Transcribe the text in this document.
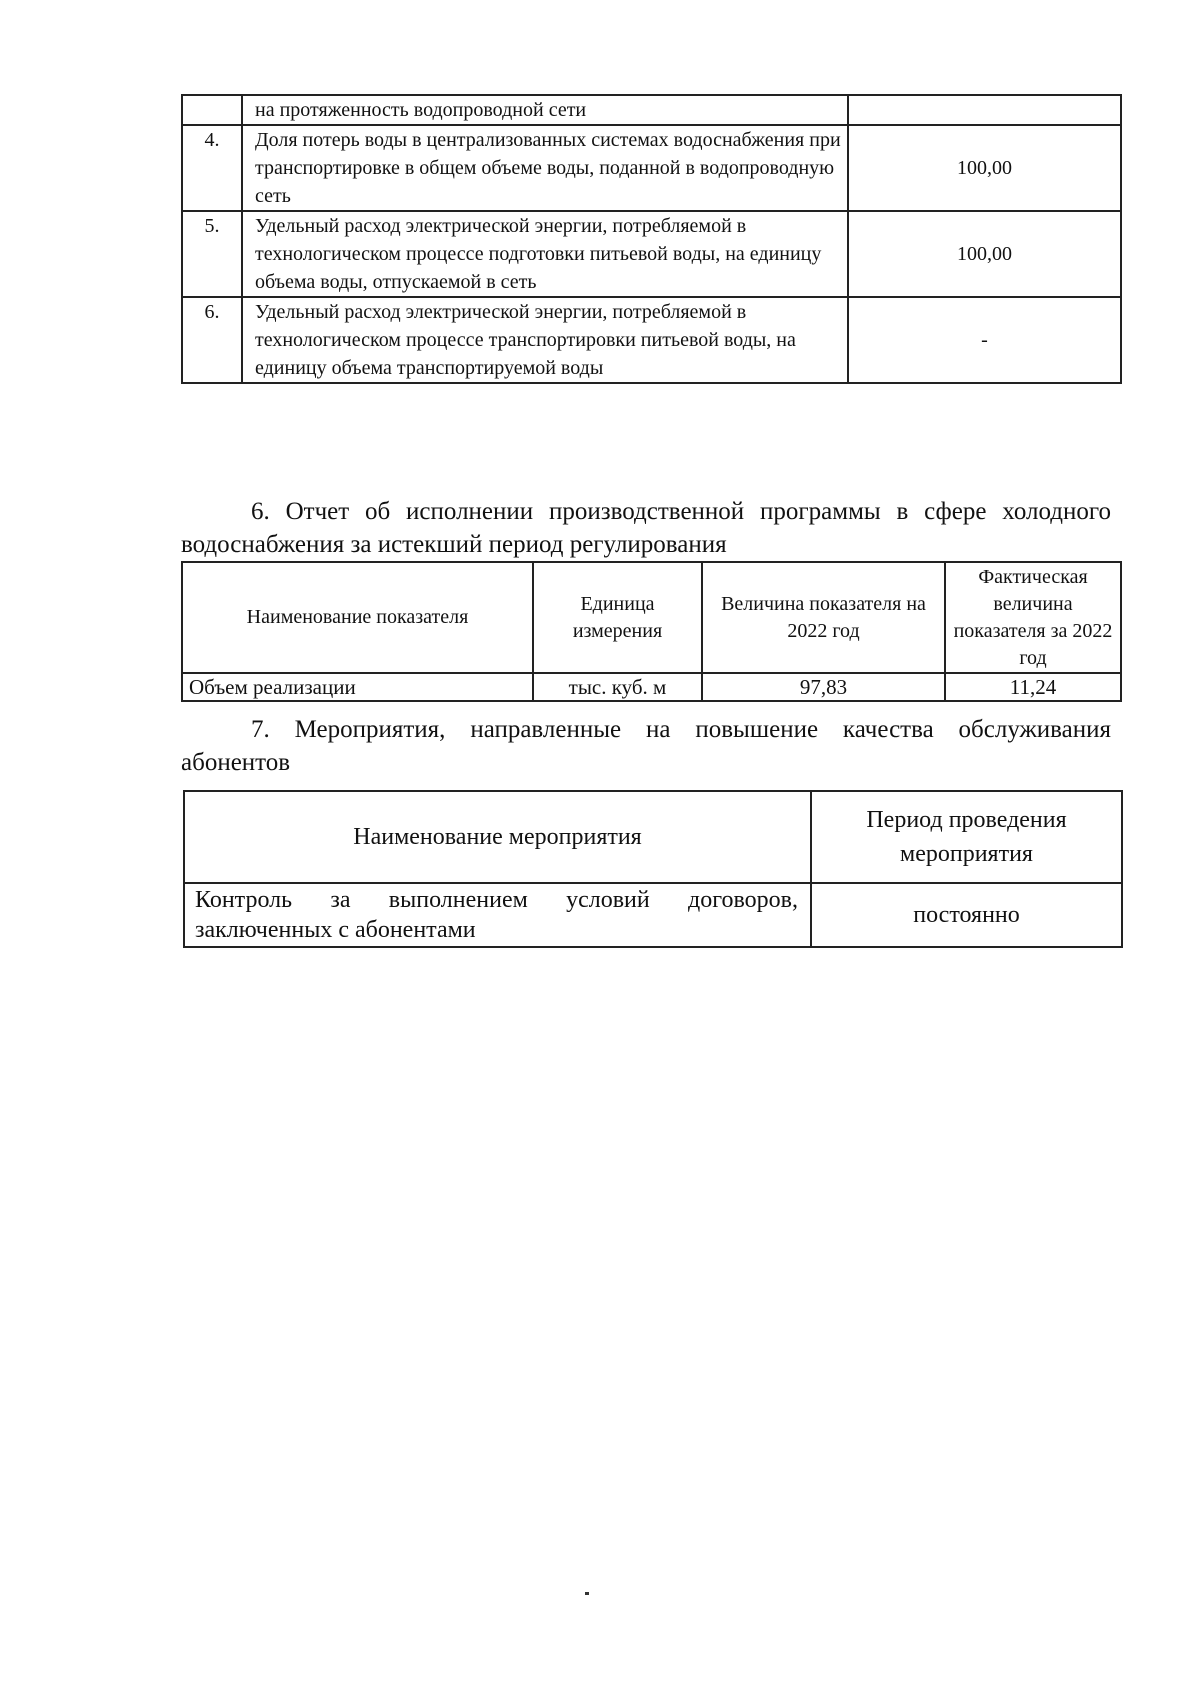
	на протяженность водопроводной сети	
4.	Доля потерь воды в централизованных системах водоснабжения при транспортировке в общем объеме воды, поданной в водопроводную сеть	100,00
5.	Удельный расход электрической энергии, потребляемой в технологическом процессе подготовки питьевой воды, на единицу объема воды, отпускаемой в сеть	100,00
6.	Удельный расход электрической энергии, потребляемой в технологическом процессе транспортировки питьевой воды, на единицу объема транспортируемой воды	-
6. Отчет об исполнении производственной программы в сфере холодного водоснабжения за истекший период регулирования
Наименование показателя	Единица измерения	Величина показателя на 2022 год	Фактическая величина показателя за 2022 год
Объем реализации	тыс. куб. м	97,83	11,24
7. Мероприятия, направленные на повышение качества обслуживания абонентов
Наименование мероприятия	Период проведения мероприятия
Контроль за выполнением условий договоров, заключенных с абонентами	постоянно
